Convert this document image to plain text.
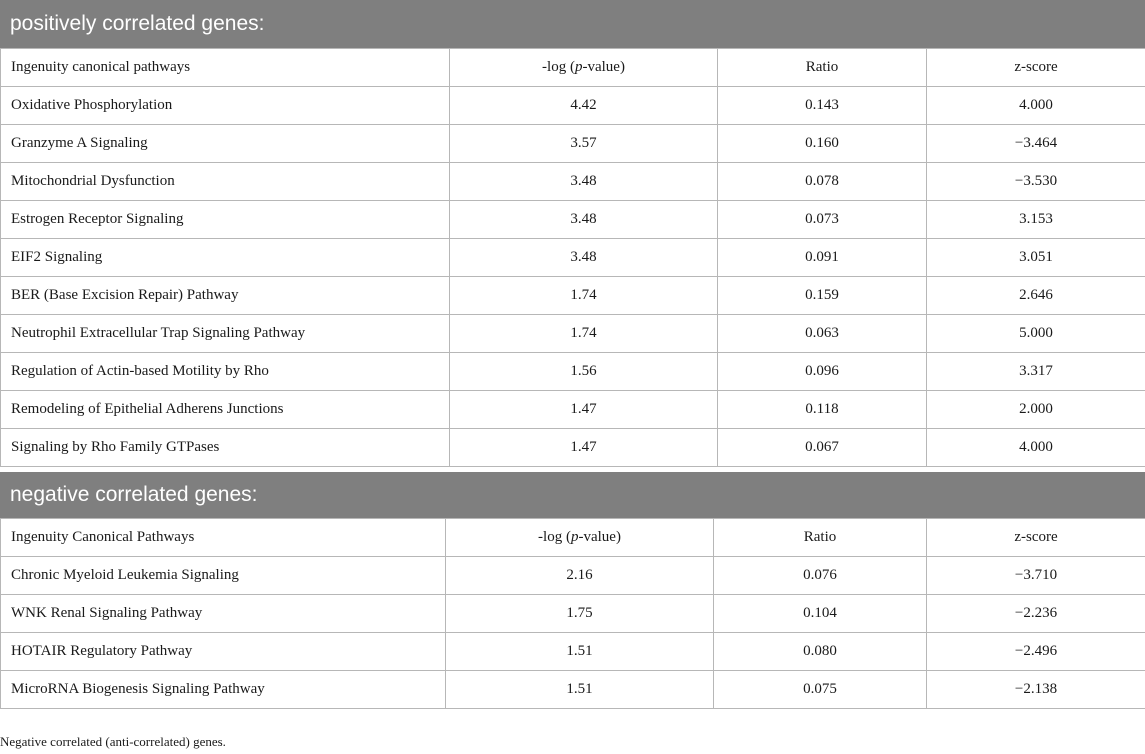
positively correlated genes:
Ingenuity canonical pathways	-log (p-value)	Ratio	z-score
Oxidative Phosphorylation	4.42	0.143	4.000
Granzyme A Signaling	3.57	0.160	−3.464
Mitochondrial Dysfunction	3.48	0.078	−3.530
Estrogen Receptor Signaling	3.48	0.073	3.153
EIF2 Signaling	3.48	0.091	3.051
BER (Base Excision Repair) Pathway	1.74	0.159	2.646
Neutrophil Extracellular Trap Signaling Pathway	1.74	0.063	5.000
Regulation of Actin-based Motility by Rho	1.56	0.096	3.317
Remodeling of Epithelial Adherens Junctions	1.47	0.118	2.000
Signaling by Rho Family GTPases	1.47	0.067	4.000
negative correlated genes:
Ingenuity Canonical Pathways	-log (p-value)	Ratio	z-score
Chronic Myeloid Leukemia Signaling	2.16	0.076	−3.710
WNK Renal Signaling Pathway	1.75	0.104	−2.236
HOTAIR Regulatory Pathway	1.51	0.080	−2.496
MicroRNA Biogenesis Signaling Pathway	1.51	0.075	−2.138
Negative correlated (anti-correlated) genes.
